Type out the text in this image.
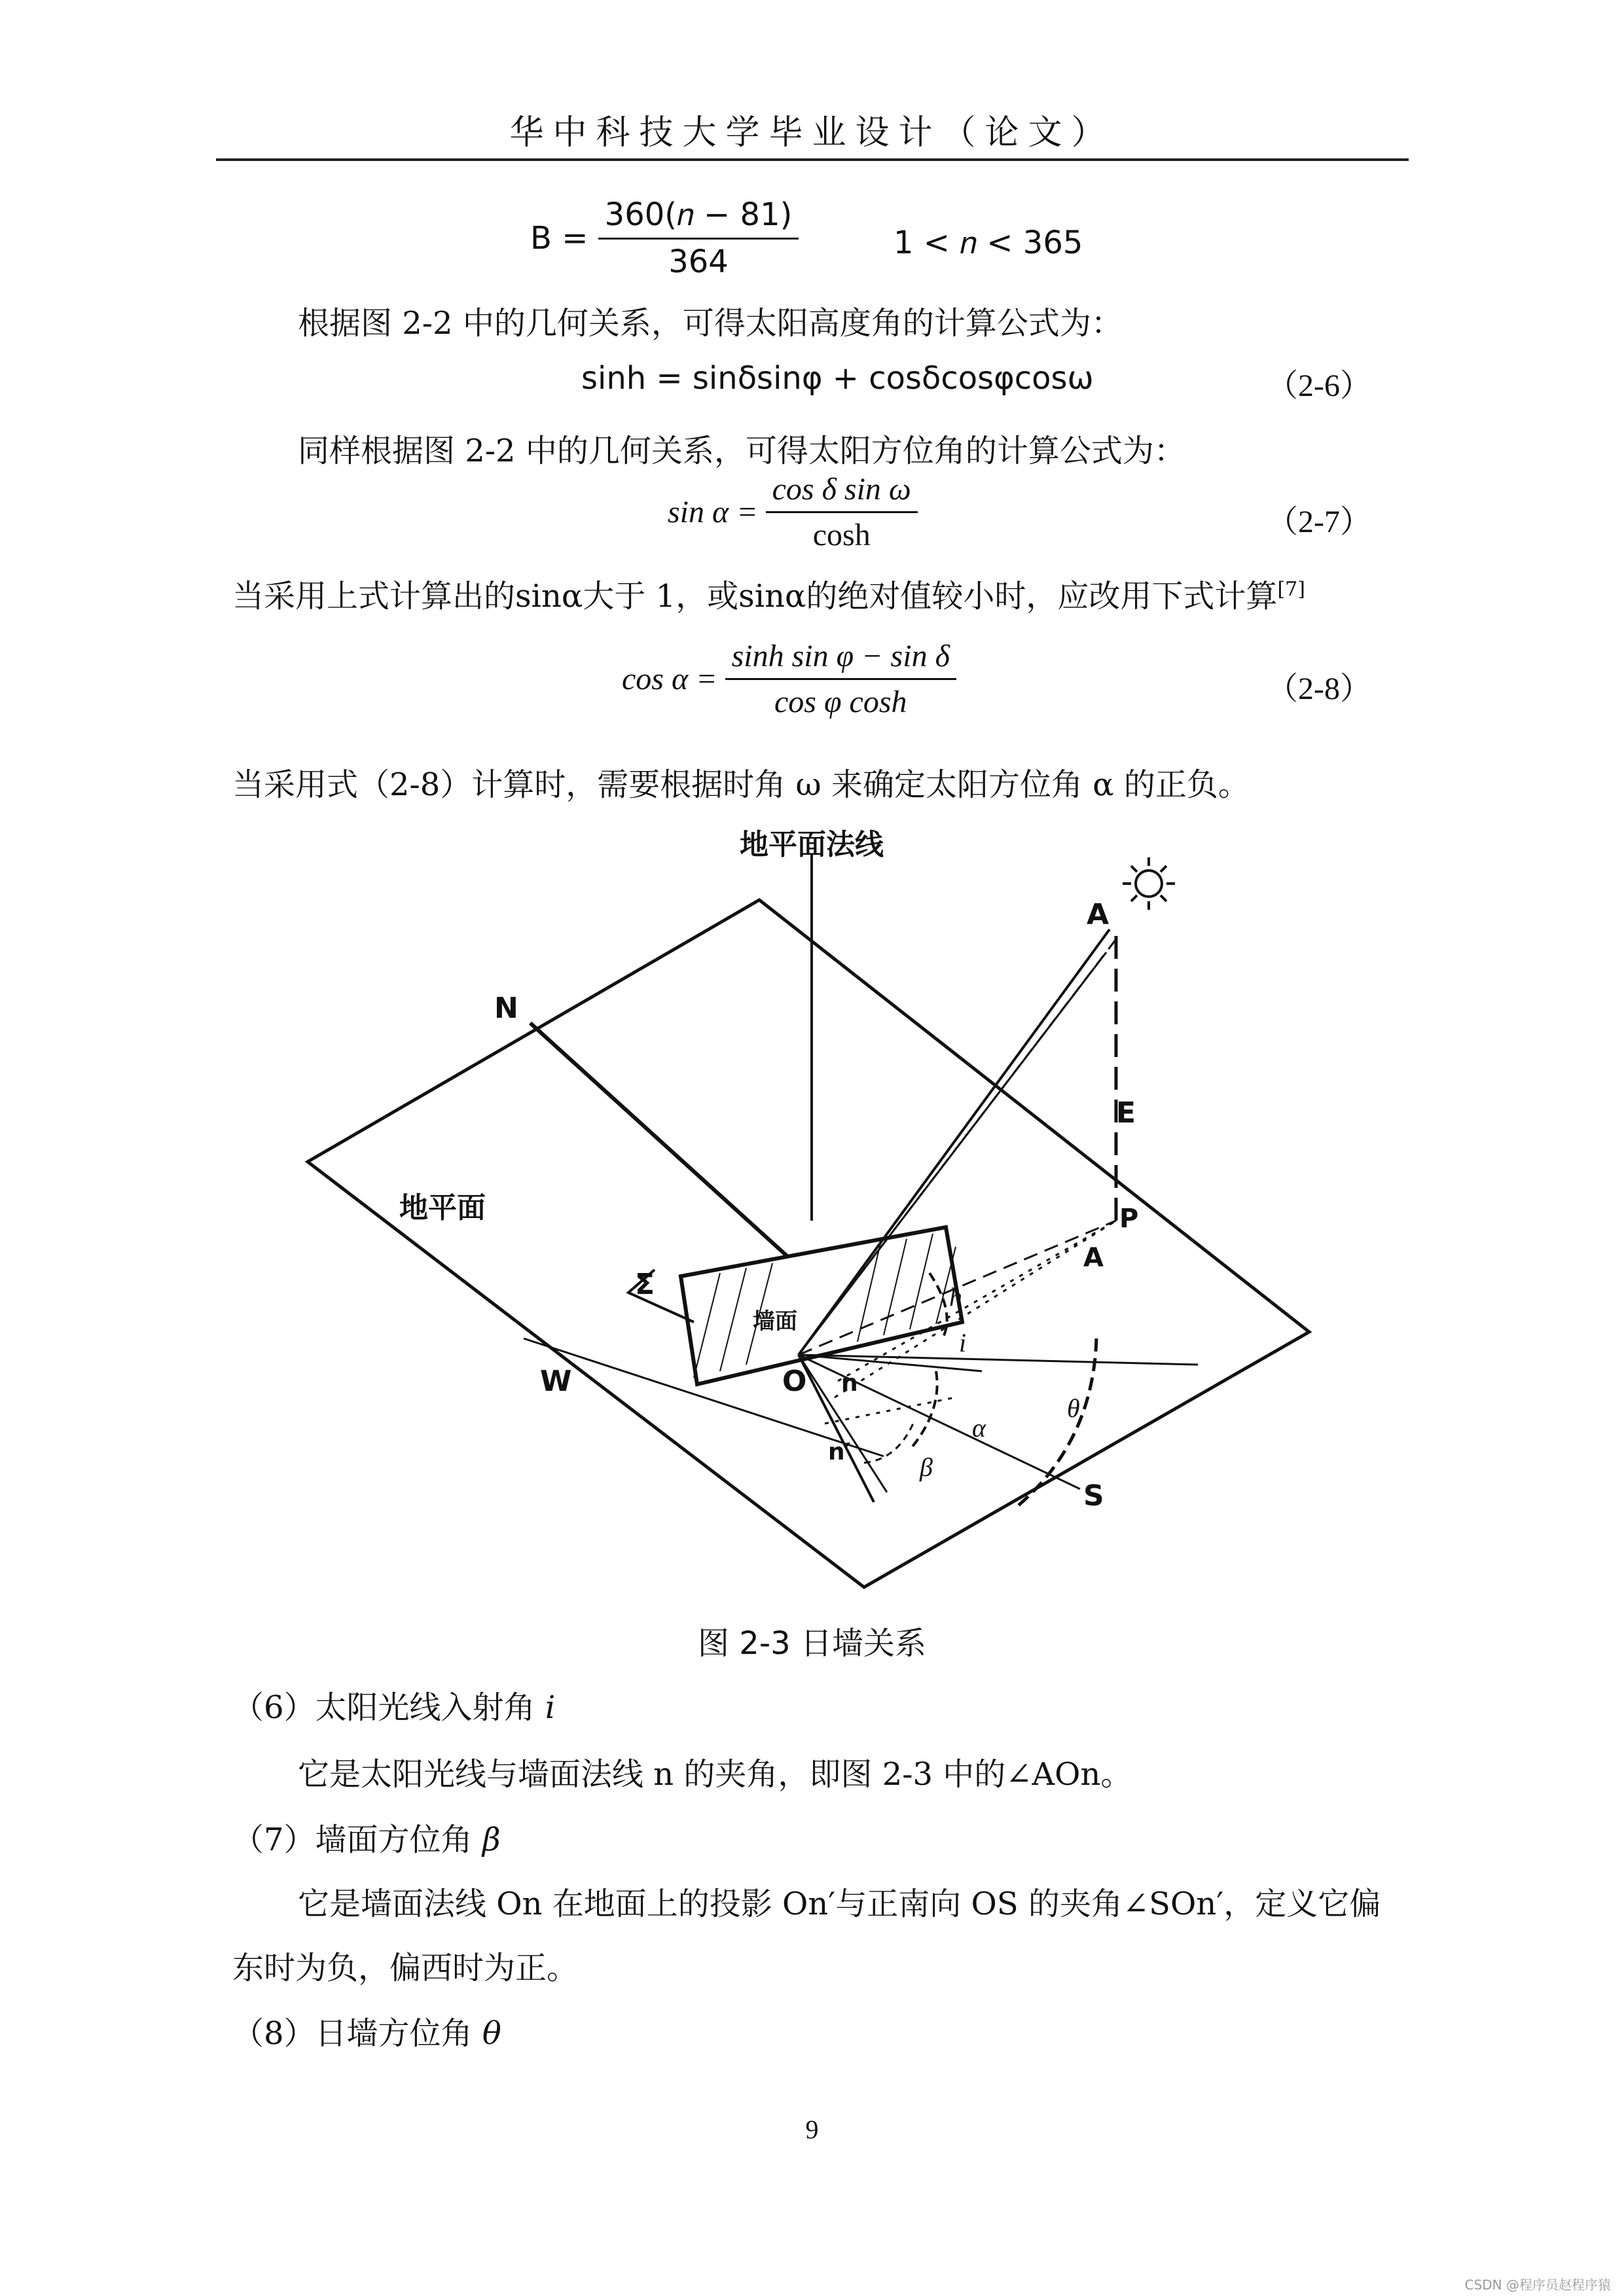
华中科技大学毕业设计（论文）
$B = \frac{\text{360(𝑛 − 81)}}{364}$	1 < 𝑛 < 365
根据图 2-2 中的几何关系，可得太阳高度角的计算公式为：
sinh = sinδsinφ + cosδcosφcosω	（2-6）
同样根据图 2-2 中的几何关系，可得太阳方位角的计算公式为：
$\sin \alpha = \frac{\text{cos δ sin ω}}{\cosh}$	（2-7）
当采用上式计算出的sinα大于 1，或sinα的绝对值较小时，应改用下式计算[7]
$\cos \alpha = \frac{\text{sinh sin φ − sin δ}}{\text{cos φ cosh}}$	（2-8）
当采用式（2-8）计算时，需要根据时角 ω 来确定太阳方位角 α 的正负。
地平面法线
地平面
墙面
Σ
N
W
S
E
O
A
P
A
n
n′
h
i
α
β
θ
图 2-3 日墙关系
（6）太阳光线入射角 i
它是太阳光线与墙面法线 n 的夹角，即图 2-3 中的∠AOn。
（7）墙面方位角 β
它是墙面法线 On 在地面上的投影 On′与正南向 OS 的夹角∠SOn′，定义它偏
东时为负，偏西时为正。
（8）日墙方位角 θ
9
CSDN @程序员赵程序猿
